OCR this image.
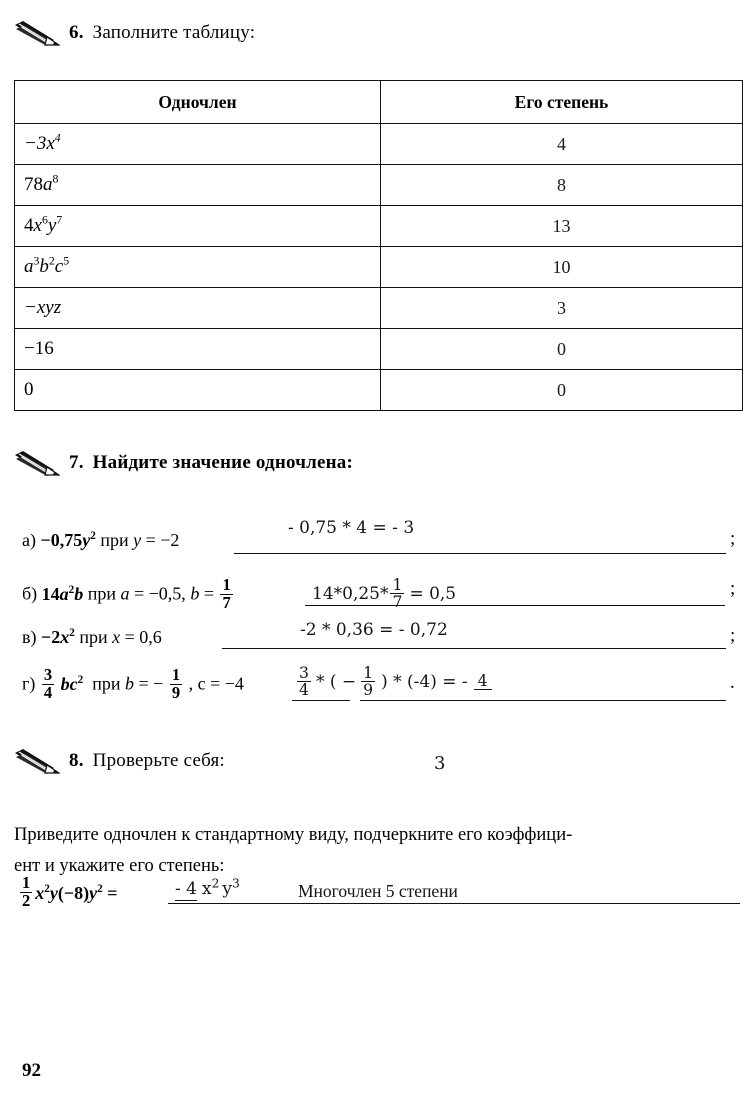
6. Заполните таблицу:
Одночлен	Его степень
$-3x^4$	4
$78a^8$	8
$4x^6y^7$	13
$a^3b^2c^5$	10
−xyz	3
−16	0
0	0
7. Найдите значение одночлена:
$а) -0,75y^2$ при y = −2
- 0,75 * 4 = - 3	;
б) $14a^2b$ при a = −0,5, $b = \frac{1}{7}$	$14*0,25* \frac{1}{7} = 0,5$	;
$в) -2x^2$ при x = 0,6	-2 * 0,36 = - 0,72	;
$г) \frac{3}{4} bc^2$  при b = − $\frac{1}{9}$ , c = −4	$\frac{3}{4}$ * ( − $\frac{1}{9}$ ) * (-4) = - 4	.
8. Проверьте себя:	3
Приведите одночлен к стандартному виду, подчеркните его коэффици-
ент и укажите его степень:
$\frac{1}{2} x^2y(-8)y^2$ =	- 4 $x^2$ $y^3$	Многочлен 5 степени
92
